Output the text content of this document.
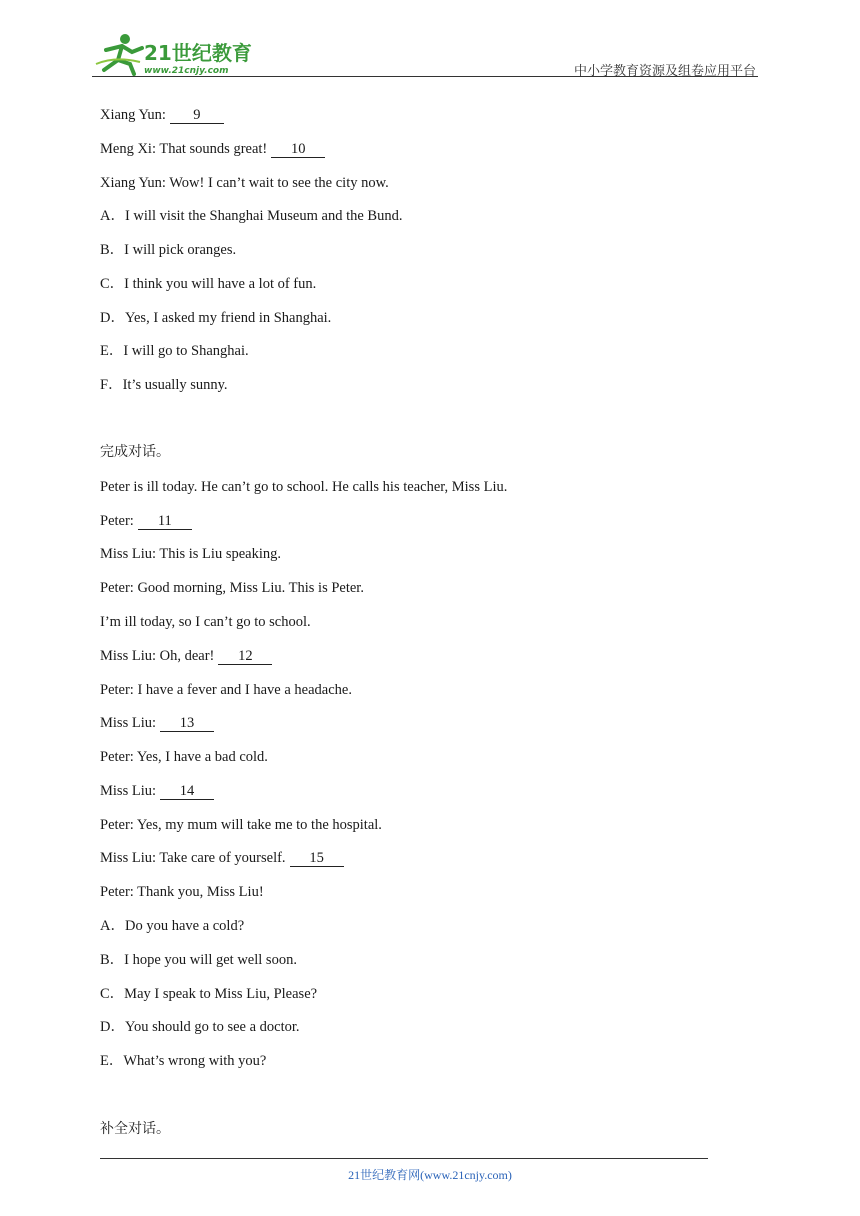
21世纪教育
www.21cnjy.com	中小学教育资源及组卷应用平台
Xiang Yun: 9
Meng Xi: That sounds great! 10
Xiang Yun: Wow! I can’t wait to see the city now.
A．I will visit the Shanghai Museum and the Bund.
B．I will pick oranges.
C．I think you will have a lot of fun.
D．Yes, I asked my friend in Shanghai.
E．I will go to Shanghai.
F．It’s usually sunny.
完成对话。
Peter is ill today. He can’t go to school. He calls his teacher, Miss Liu.
Peter: 11
Miss Liu: This is Liu speaking.
Peter: Good morning, Miss Liu. This is Peter.
I’m ill today, so I can’t go to school.
Miss Liu: Oh, dear! 12
Peter: I have a fever and I have a headache.
Miss Liu: 13
Peter: Yes, I have a bad cold.
Miss Liu: 14
Peter: Yes, my mum will take me to the hospital.
Miss Liu: Take care of yourself. 15
Peter: Thank you, Miss Liu!
A．Do you have a cold?
B．I hope you will get well soon.
C．May I speak to Miss Liu, Please?
D．You should go to see a doctor.
E．What’s wrong with you?
补全对话。
21世纪教育网(www.21cnjy.com)
